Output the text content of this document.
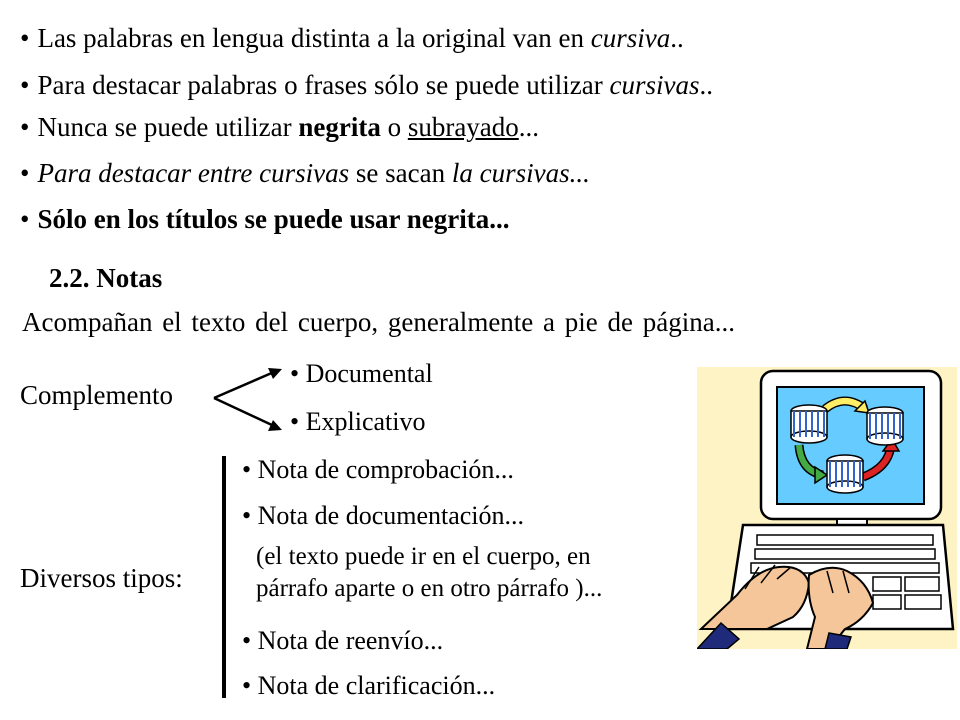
• Las palabras en lengua distinta a la original van en cursiva..
• Para destacar palabras o frases sólo se puede utilizar cursivas..
• Nunca se puede utilizar negrita o subrayado...
• Para destacar entre cursivas se sacan la cursivas...
• Sólo en los títulos se puede usar negrita...
2.2. Notas
Acompañan el texto del cuerpo, generalmente a pie de página...
Complemento
• Documental
• Explicativo
Diversos tipos:
• Nota de comprobación...
• Nota de documentación...
(el texto puede ir en el cuerpo, en
párrafo aparte o en otro párrafo )...
• Nota de reenvío...
• Nota de clarificación...
